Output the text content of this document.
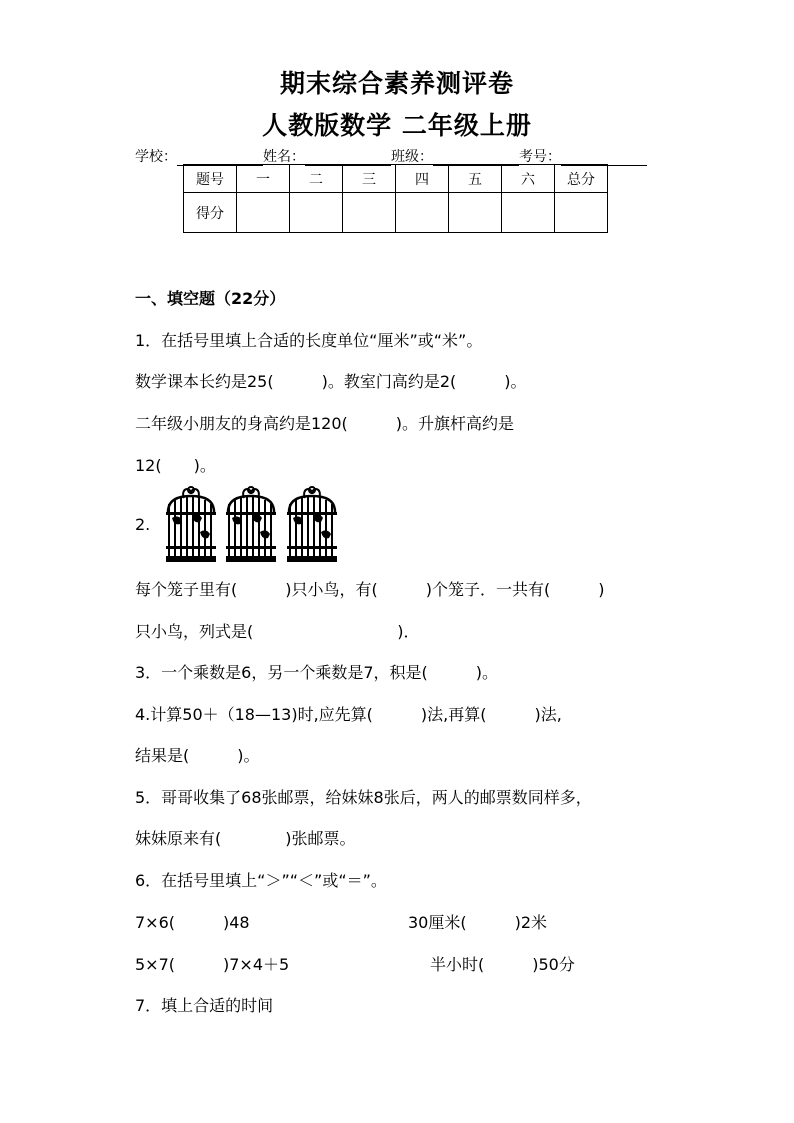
期末综合素养测评卷
人教版数学 二年级上册
学校：	姓名：	班级：	考号：
题号	一	二	三	四	五	六	总分
得分							
一、填空题（22分）
1．在括号里填上合适的长度单位“厘米”或“米”。
数学课本长约是25(　　　)。教室门高约是2(　　　)。
二年级小朋友的身高约是120(　　　)。升旗杆高约是
12(　　)。
2.
每个笼子里有(　　　)只小鸟，有(　　　)个笼子．一共有(　　　)
只小鸟，列式是(　　　　　　　　　)．
3．一个乘数是6，另一个乘数是7，积是(　　　)。
4.计算50＋（18—13)时,应先算(　　　)法,再算(　　　)法,
结果是(　　　)。
5．哥哥收集了68张邮票，给妹妹8张后，两人的邮票数同样多，
妹妹原来有(　　　　)张邮票。
6．在括号里填上“＞”“＜”或“＝”。
7×6(　　　)48	30厘米(　　　)2米
5×7(　　　)7×4＋5	半小时(　　　)50分
7．填上合适的时间
